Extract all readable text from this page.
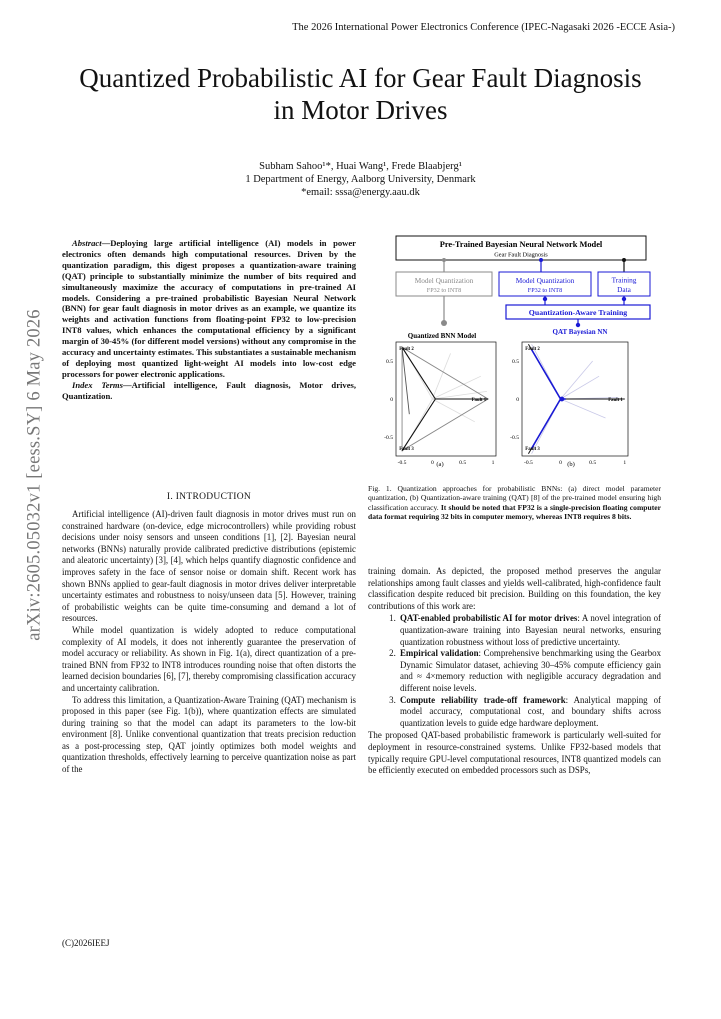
The 2026 International Power Electronics Conference (IPEC-Nagasaki 2026 -ECCE Asia-)
Quantized Probabilistic AI for Gear Fault Diagnosis
in Motor Drives
Subham Sahoo¹*, Huai Wang¹, Frede Blaabjerg¹
1 Department of Energy, Aalborg University, Denmark
*email: sssa@energy.aau.dk
arXiv:2605.05032v1 [eess.SY] 6 May 2026

Abstract—Deploying large artificial intelligence (AI) models in power electronics often demands high computational resources. Driven by the quantization paradigm, this digest proposes a quantization-aware training (QAT) principle to substantially minimize the number of bits required and simultaneously maximize the accuracy of computations in pre-trained AI models. Considering a pre-trained probabilistic Bayesian Neural Network (BNN) for gear fault diagnosis in motor drives as an example, we quantize its weights and activation functions from floating-point FP32 to low-precision INT8 values, which enhances the computational efficiency by a significant margin of 30-45% (for different model versions) without any compromise in the accuracy and uncertainty estimates. This substantiates a sustainable mechanism of deploying most quantized light-weight AI models into low-cost edge processors for power electronic applications.

Index Terms—Artificial intelligence, Fault diagnosis, Motor drives, Quantization.

I. INTRODUCTION

Artificial intelligence (AI)-driven fault diagnosis in motor drives must run on constrained hardware (on-device, edge microcontrollers) while providing robust decisions under noisy sensors and unseen conditions [1], [2]. Bayesian neural networks (BNNs) naturally provide calibrated predictive distributions (epistemic and aleatoric uncertainty) [3], [4], which helps quantify diagnostic confidence and improves safety in the face of sensor noise or domain shift. Recent work has shown BNNs applied to gear-fault diagnosis in motor drives deliver interpretable uncertainty estimates and robustness to noisy/unseen data [5]. However, training of probabilistic weights can be quite time-consuming and demand a lot of resources.

While model quantization is widely adopted to reduce computational complexity of AI models, it does not inherently guarantee the preservation of model accuracy or reliability. As shown in Fig. 1(a), direct quantization of a pre-trained BNN from FP32 to INT8 introduces rounding noise that often distorts the learned decision boundaries [6], [7], thereby compromising classification accuracy and uncertainty calibration.

To address this limitation, a Quantization-Aware Training (QAT) mechanism is proposed in this paper (see Fig. 1(b)), where quantization effects are simulated during training so that the model can adapt its parameters to the low-bit environment [8]. Unlike conventional quantization that treats precision reduction as a post-processing step, QAT jointly optimizes both model weights and quantization thresholds, effectively learning to perceive quantization noise as part of the

Pre-Trained Bayesian Neural Network Model
Gear Fault Diagnosis
Model Quantization
FP32 to INT8
Model Quantization
FP32 to INT8
Training
Data
Quantization-Aware Training
Quantized BNN Model	QAT Bayesian NN
Fault 1
Fault 2
Fault 3
-0.5	0	0.5	1
0.5
0
-0.5
Fault 1
Fault 2
Fault 3
-0.5	0	0.5	1
0.5
0
-0.5
(a)	(b)
Fig. 1. Quantization approaches for probabilistic BNNs: (a) direct model parameter quantization, (b) Quantization-aware training (QAT) [8] of the pre-trained model ensuring high classification accuracy. It should be noted that FP32 is a single-precision floating computer data format requiring 32 bits in computer memory, whereas INT8 requires 8 bits.

training domain. As depicted, the proposed method preserves the angular relationships among fault classes and yields well-calibrated, high-confidence fault classification despite reduced bit precision. Building on this foundation, the key contributions of this work are:

1. QAT-enabled probabilistic AI for motor drives: A novel integration of quantization-aware training into Bayesian neural networks, ensuring quantization robustness without loss of predictive uncertainty.
2. Empirical validation: Comprehensive benchmarking using the Gearbox Dynamic Simulator dataset, achieving 30–45% compute efficiency gain and ≈ 4×memory reduction with negligible accuracy degradation and different noise levels.
3. Compute reliability trade-off framework: Analytical mapping of model accuracy, computational cost, and boundary shifts across quantization levels to guide edge hardware deployment.

The proposed QAT-based probabilistic framework is particularly well-suited for deployment in resource-constrained systems. Unlike FP32-based models that typically require GPU-level computational resources, INT8 quantized models can be efficiently executed on embedded processors such as DSPs,

(C)2026IEEJ
